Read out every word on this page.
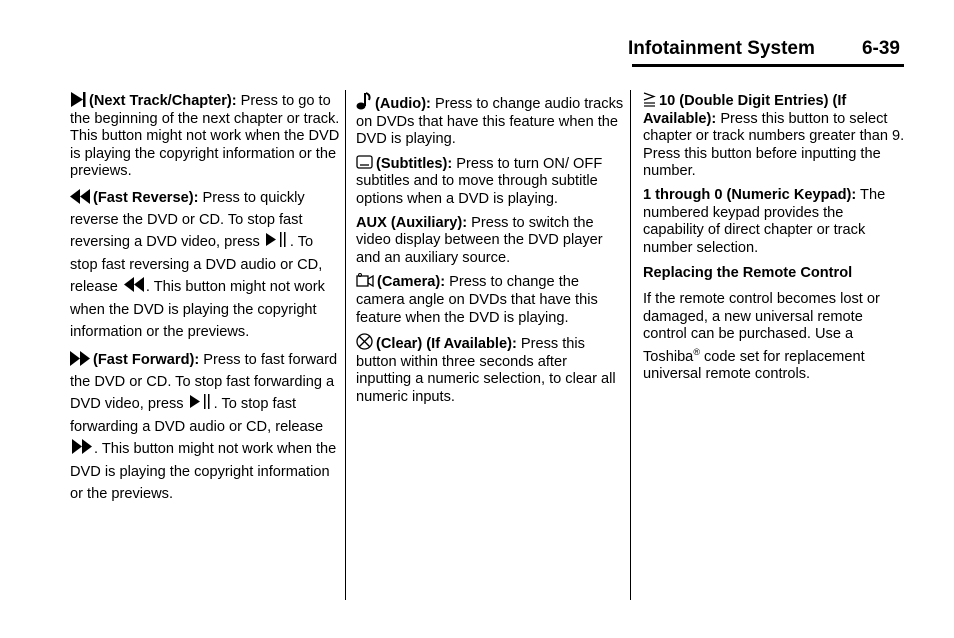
Infotainment System 6-39

(Next Track/Chapter): Press to go to the beginning of the next chapter or track. This button might not work when the DVD is playing the copyright information or the previews.

(Fast Reverse): Press to quickly reverse the DVD or CD. To stop fast reversing a DVD video, press . To stop fast reversing a DVD audio or CD, release . This button might not work when the DVD is playing the copyright information or the previews.

(Fast Forward): Press to fast forward the DVD or CD. To stop fast forwarding a DVD video, press . To stop fast forwarding a DVD audio or CD, release . This button might not work when the DVD is playing the copyright information or the previews.

(Audio): Press to change audio tracks on DVDs that have this feature when the DVD is playing.

(Subtitles): Press to turn ON/ OFF subtitles and to move through subtitle options when a DVD is playing.

AUX (Auxiliary): Press to switch the video display between the DVD player and an auxiliary source.

(Camera): Press to change the camera angle on DVDs that have this feature when the DVD is playing.

(Clear) (If Available): Press this button within three seconds after inputting a numeric selection, to clear all numeric inputs.

10 (Double Digit Entries) (If Available): Press this button to select chapter or track numbers greater than 9. Press this button before inputting the number.

1 through 0 (Numeric Keypad): The numbered keypad provides the capability of direct chapter or track number selection.

Replacing the Remote Control

If the remote control becomes lost or damaged, a new universal remote control can be purchased. Use a Toshiba® code set for replacement universal remote controls.
